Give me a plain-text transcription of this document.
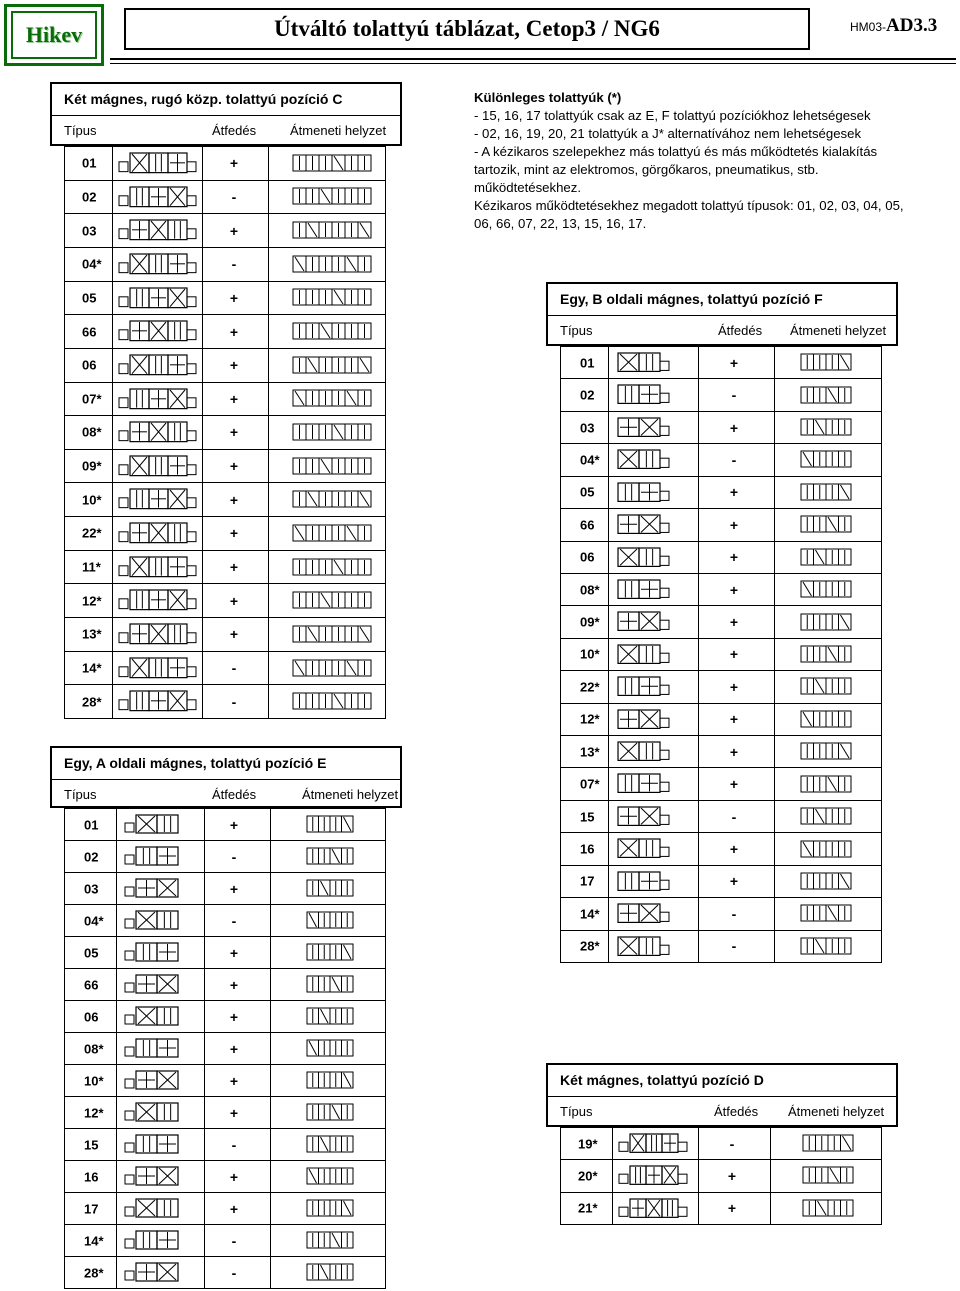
Hikev	Útváltó tolattyú táblázat, Cetop3 / NG6	HM03-AD3.3
Különleges tolattyúk (*)
- 15, 16, 17 tolattyúk csak az E, F tolattyú pozíciókhoz lehetségesek
- 02, 16, 19, 20, 21 tolattyúk a J* alternatívához nem lehetségesek
- A kézikaros szelepekhez más tolattyú és más működtetés kialakítás
tartozik, mint az elektromos, görgőkaros, pneumatikus, stb.
működtetésekhez.
Kézikaros működtetésekhez megadott tolattyú típusok: 01, 02, 03, 04, 05,
06, 66, 07, 22, 13, 15, 16, 17.
Két mágnes, rugó közp. tolattyú pozíció C
Típus	Átfedés	Átmeneti helyzet
01	+
02	-
03	+
04*	-
05	+
66	+
06	+
07*	+
08*	+
09*	+
10*	+
22*	+
11*	+
12*	+
13*	+
14*	-
28*	-
Egy, A oldali mágnes, tolattyú pozíció E
Típus	Átfedés	Átmeneti helyzet
01	+
02	-
03	+
04*	-
05	+
66	+
06	+
08*	+
10*	+
12*	+
15	-
16	+
17	+
14*	-
28*	-
Egy, B oldali mágnes, tolattyú pozíció F
Típus	Átfedés Átmeneti helyzet
01	+
02	-
03	+
04*	-
05	+
66	+
06	+
08*	+
09*	+
10*	+
22*	+
12*	+
13*	+
07*	+
15	-
16	+
17	+
14*	-
28*	-
Két mágnes, tolattyú pozíció D
Típus	Átfedés Átmeneti helyzet
19*	-
20*	+
21*	+
